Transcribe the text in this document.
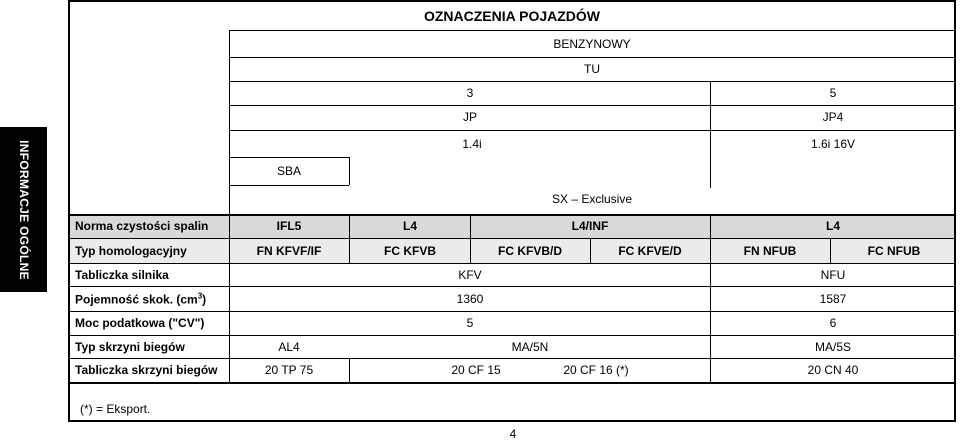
INFORMACJE OGÓLNE
OZNACZENIA POJAZDÓW
BENZYNOWY
TU
3	5
JP	JP4
1.4i	1.6i 16V
SBA
SX – Exclusive
Norma czystości spalin	IFL5	L4	L4/INF	L4
Typ homologacyjny	FN KFVF/IF	FC KFVB	FC KFVB/D	FC KFVE/D	FN NFUB	FC NFUB
Tabliczka silnika	KFV	NFU
Pojemność skok. $(cm^3)$	1360	1587
Moc podatkowa ("CV")	5	6
Typ skrzyni biegów	AL4	MA/5N	MA/5S
Tabliczka skrzyni biegów	20 TP 75	20 CF 15	20 CF 16 (*)	20 CN 40
(*) = Eksport.
4
